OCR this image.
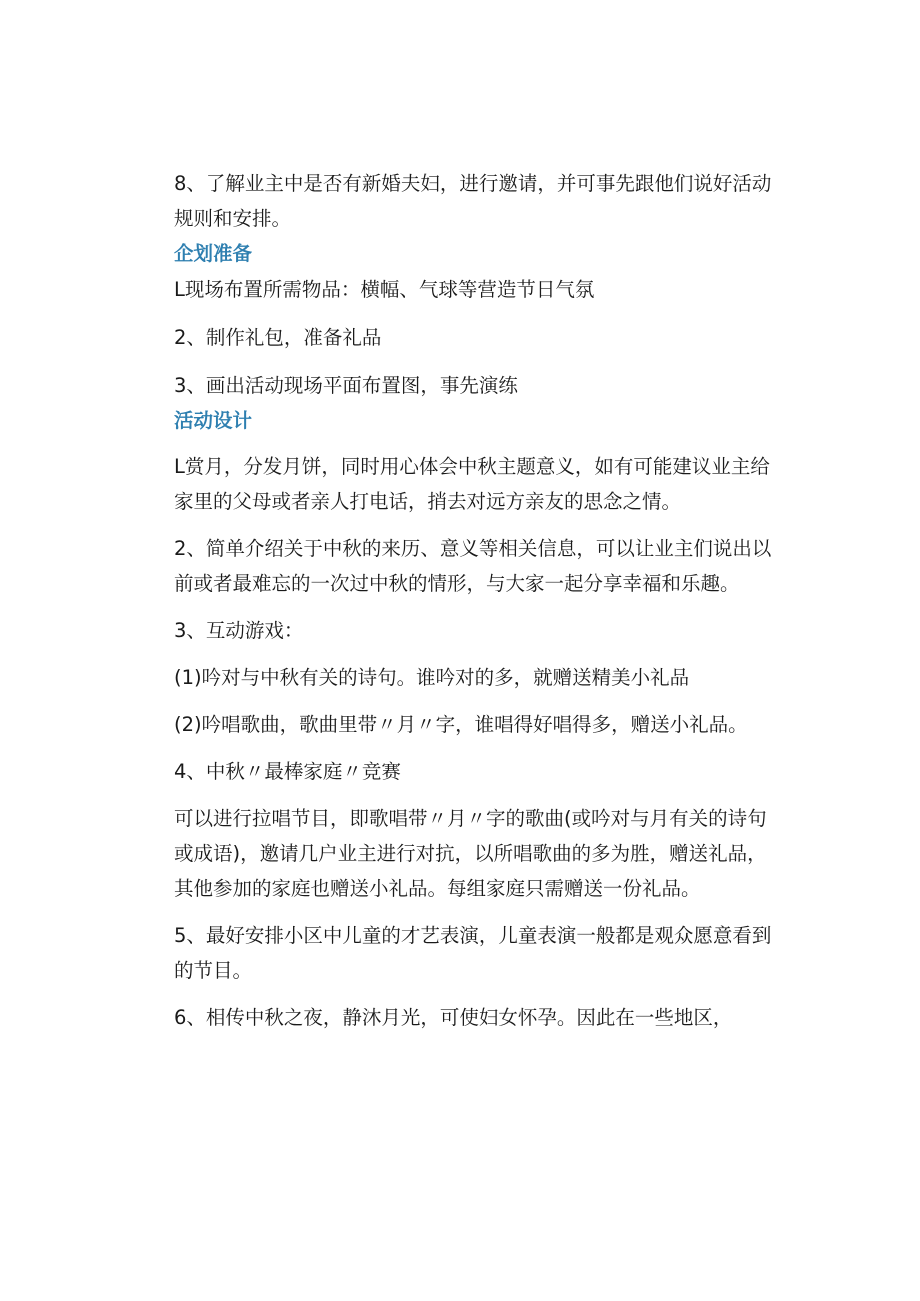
8、了解业主中是否有新婚夫妇，进行邀请，并可事先跟他们说好活动规则和安排。

企划准备

L现场布置所需物品：横幅、气球等营造节日气氛

2、制作礼包，准备礼品

3、画出活动现场平面布置图，事先演练

活动设计

L赏月，分发月饼，同时用心体会中秋主题意义，如有可能建议业主给家里的父母或者亲人打电话，捎去对远方亲友的思念之情。

2、简单介绍关于中秋的来历、意义等相关信息，可以让业主们说出以前或者最难忘的一次过中秋的情形，与大家一起分享幸福和乐趣。

3、互动游戏：

(1)吟对与中秋有关的诗句。谁吟对的多，就赠送精美小礼品

(2)吟唱歌曲，歌曲里带〃月〃字，谁唱得好唱得多，赠送小礼品。

4、中秋〃最棒家庭〃竞赛

可以进行拉唱节目，即歌唱带〃月〃字的歌曲(或吟对与月有关的诗句或成语)，邀请几户业主进行对抗，以所唱歌曲的多为胜，赠送礼品，其他参加的家庭也赠送小礼品。每组家庭只需赠送一份礼品。

5、最好安排小区中儿童的才艺表演，儿童表演一般都是观众愿意看到的节目。

6、相传中秋之夜，静沐月光，可使妇女怀孕。因此在一些地区，
